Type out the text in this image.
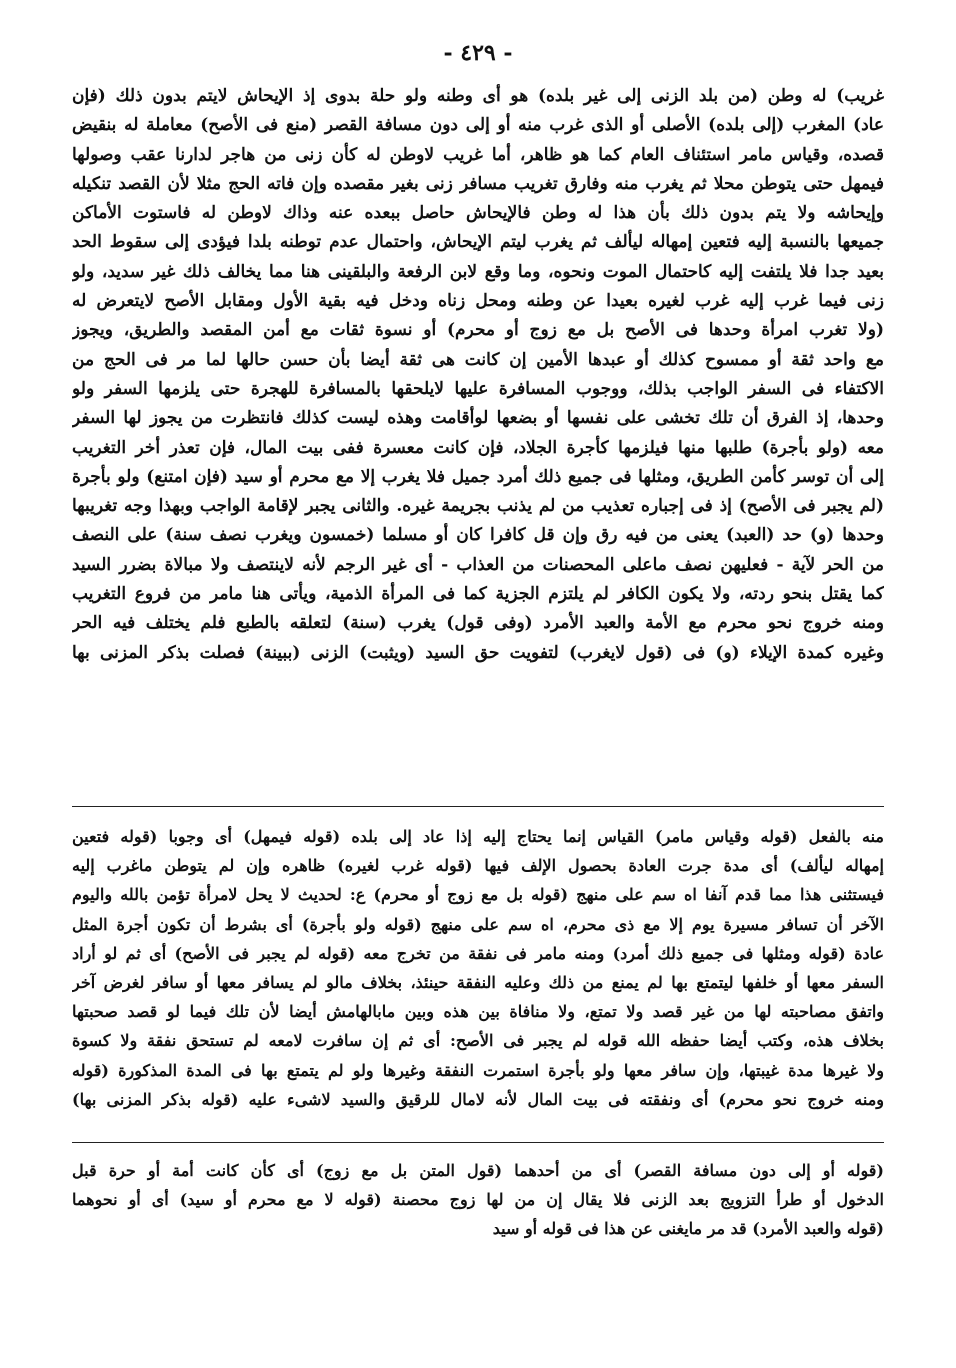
- ٤٢٩ -
غريب) له وطن (من بلد الزنى إلى غير بلده) هو أى وطنه ولو حلة بدوى إذ الإيحاش لايتم بدون ذلك (فإن
عاد) المغرب (إلى بلده) الأصلى أو الذى غرب منه أو إلى دون مسافة القصر (منع فى الأصح) معاملة له بنقيض
قصده، وقياس مامر استئناف العام كما هو ظاهر، أما غريب لاوطن له كأن زنى من هاجر لدارنا عقب وصولها
فيمهل حتى يتوطن محلا ثم يغرب منه وفارق تغريب مسافر زنى بغير مقصده وإن فاته الحج مثلا لأن القصد تنكيله
وإيحاشه ولا يتم بدون ذلك بأن هذا له وطن فالإيحاش حاصل ببعده عنه وذاك لاوطن له فاستوت الأماكن
جميعها بالنسبة إليه فتعين إمهاله ليألف ثم يغرب ليتم الإيحاش، واحتمال عدم توطنه بلدا فيؤدى إلى سقوط الحد
بعيد جدا فلا يلتفت إليه كاحتمال الموت ونحوه، وما وقع لابن الرفعة والبلقينى هنا مما يخالف ذلك غير سديد، ولو
زنى فيما غرب إليه غرب لغيره بعيدا عن وطنه ومحل زناه ودخل فيه بقية الأول ومقابل الأصح لايتعرض له
(ولا تغرب امرأة وحدها فى الأصح بل مع زوج أو محرم) أو نسوة ثقات مع أمن المقصد والطريق، ويجوز
مع واحد ثقة أو ممسوح كذلك أو عبدها الأمين إن كانت هى ثقة أيضا بأن حسن حالها لما مر فى الحج من
الاكتفاء فى السفر الواجب بذلك، ووجوب المسافرة عليها لايلحقها بالمسافرة للهجرة حتى يلزمها السفر ولو
وحدها، إذ الفرق أن تلك تخشى على نفسها أو بضعها لوأقامت وهذه ليست كذلك فانتظرت من يجوز لها السفر
معه (ولو بأجرة) طلبها منها فيلزمها كأجرة الجلاد، فإن كانت معسرة ففى بيت المال، فإن تعذر أخر التغريب
إلى أن توسر كأمن الطريق، ومثلها فى جميع ذلك أمرد جميل فلا يغرب إلا مع محرم أو سيد (فإن امتنع) ولو بأجرة
(لم يجبر فى الأصح) إذ فى إجباره تعذيب من لم يذنب بجريمة غيره. والثانى يجبر لإقامة الواجب وبهذا وجه تغريبها
وحدها (و) حد (العبد) يعنى من فيه رق وإن قل كافرا كان أو مسلما (خمسون ويغرب نصف سنة) على النصف
من الحر لآية - فعليهن نصف ماعلى المحصنات من العذاب - أى غير الرجم لأنه لاينتصف ولا مبالاة بضرر السيد
كما يقتل بنحو ردته، ولا يكون الكافر لم يلتزم الجزية كما فى المرأة الذمية، ويأتى هنا مامر من فروع التغريب
ومنه خروج نحو محرم مع الأمة والعبد الأمرد (وفى قول) يغرب (سنة) لتعلقه بالطبع فلم يختلف فيه الحر
وغيره كمدة الإيلاء (و) فى (قول لايغرب) لتفويت حق السيد (ويثبت) الزنى (ببينة) فصلت بذكر المزنى بها
منه بالفعل (قوله وقياس مامر) القياس إنما يحتاج إليه إذا عاد إلى بلده (قوله فيمهل) أى وجوبا (قوله فتعين
إمهاله ليألف) أى مدة جرت العادة بحصول الإلف فيها (قوله غرب لغيره) ظاهره وإن لم يتوطن ماغرب إليه
فيستثنى هذا مما قدم آنفا اه سم على منهج (قوله بل مع زوج أو محرم) ع: لحديث لا يحل لامرأة تؤمن بالله واليوم
الآخر أن تسافر مسيرة يوم إلا مع ذى محرم، اه سم على منهج (قوله ولو بأجرة) أى بشرط أن تكون أجرة المثل
عادة (قوله ومثلها فى جميع ذلك أمرد) ومنه مامر فى نفقة من تخرج معه (قوله لم يجبر فى الأصح) أى ثم لو أراد
السفر معها أو خلفها ليتمتع بها لم يمنع من ذلك وعليه النفقة حينئذ، بخلاف مالو لم يسافر معها أو سافر لغرض آخر
واتفق مصاحبته لها من غير قصد ولا تمتع، ولا منافاة بين هذه وبين مابالهامش أيضا لأن تلك فيما لو قصد صحبتها
بخلاف هذه، وكتب أيضا حفظه الله قوله لم يجبر فى الأصح: أى ثم إن سافرت لامعه لم تستحق نفقة ولا كسوة
ولا غيرها مدة غيبتها، وإن سافر معها ولو بأجرة استمرت النفقة وغيرها ولو لم يتمتع بها فى المدة المذكورة (قوله
ومنه خروج نحو محرم) أى ونفقته فى بيت المال لأنه لامال للرقيق والسيد لاشىء عليه (قوله بذكر المزنى بها)
(قوله أو إلى دون مسافة القصر) أى من أحدهما (قول المتن بل مع زوج) أى كأن كانت أمة أو حرة قبل
الدخول أو طرأ التزويج بعد الزنى فلا يقال إن من لها زوج محصنة (قوله لا مع محرم أو سيد) أى أو نحوهما
(قوله والعبد الأمرد) قد مر مايغنى عن هذا فى قوله أو سيد
